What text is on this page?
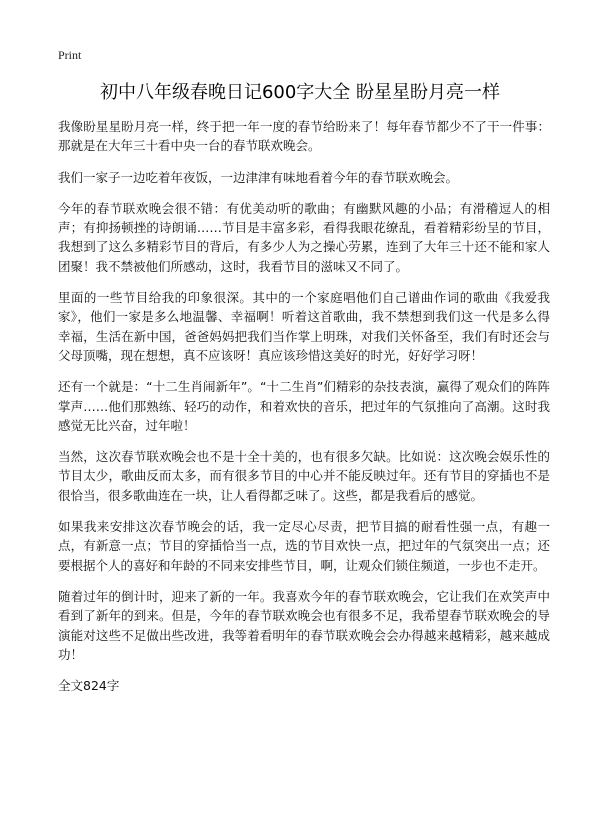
Print
初中八年级春晚日记600字大全 盼星星盼月亮一样

我像盼星星盼月亮一样，终于把一年一度的春节给盼来了！每年春节都少不了干一件事：那就是在大年三十看中央一台的春节联欢晚会。

我们一家子一边吃着年夜饭，一边津津有味地看着今年的春节联欢晚会。

今年的春节联欢晚会很不错：有优美动听的歌曲；有幽默风趣的小品；有滑稽逗人的相声；有抑扬顿挫的诗朗诵……节目是丰富多彩，看得我眼花缭乱，看着精彩纷呈的节目，我想到了这么多精彩节目的背后，有多少人为之操心劳累，连到了大年三十还不能和家人团聚！我不禁被他们所感动，这时，我看节目的滋味又不同了。

里面的一些节目给我的印象很深。其中的一个家庭唱他们自己谱曲作词的歌曲《我爱我家》，他们一家是多么地温馨、幸福啊！听着这首歌曲，我不禁想到我们这一代是多么得幸福，生活在新中国，爸爸妈妈把我们当作掌上明珠，对我们关怀备至，我们有时还会与父母顶嘴，现在想想，真不应该呀！真应该珍惜这美好的时光，好好学习呀！

还有一个就是：“十二生肖闹新年”。“十二生肖”们精彩的杂技表演，赢得了观众们的阵阵掌声……他们那熟练、轻巧的动作，和着欢快的音乐，把过年的气氛推向了高潮。这时我感觉无比兴奋，过年啦！

当然，这次春节联欢晚会也不是十全十美的，也有很多欠缺。比如说：这次晚会娱乐性的节目太少，歌曲反而太多，而有很多节目的中心并不能反映过年。还有节目的穿插也不是很恰当，很多歌曲连在一块，让人看得都乏味了。这些，都是我看后的感觉。

如果我来安排这次春节晚会的话，我一定尽心尽责，把节目搞的耐看性强一点，有趣一点，有新意一点；节目的穿插恰当一点，选的节目欢快一点，把过年的气氛突出一点；还要根据个人的喜好和年龄的不同来安排些节目，啊，让观众们锁住频道，一步也不走开。

随着过年的倒计时，迎来了新的一年。我喜欢今年的春节联欢晚会，它让我们在欢笑声中看到了新年的到来。但是，今年的春节联欢晚会也有很多不足，我希望春节联欢晚会的导演能对这些不足做出些改进，我等着看明年的春节联欢晚会会办得越来越精彩，越来越成功！

全文824字
